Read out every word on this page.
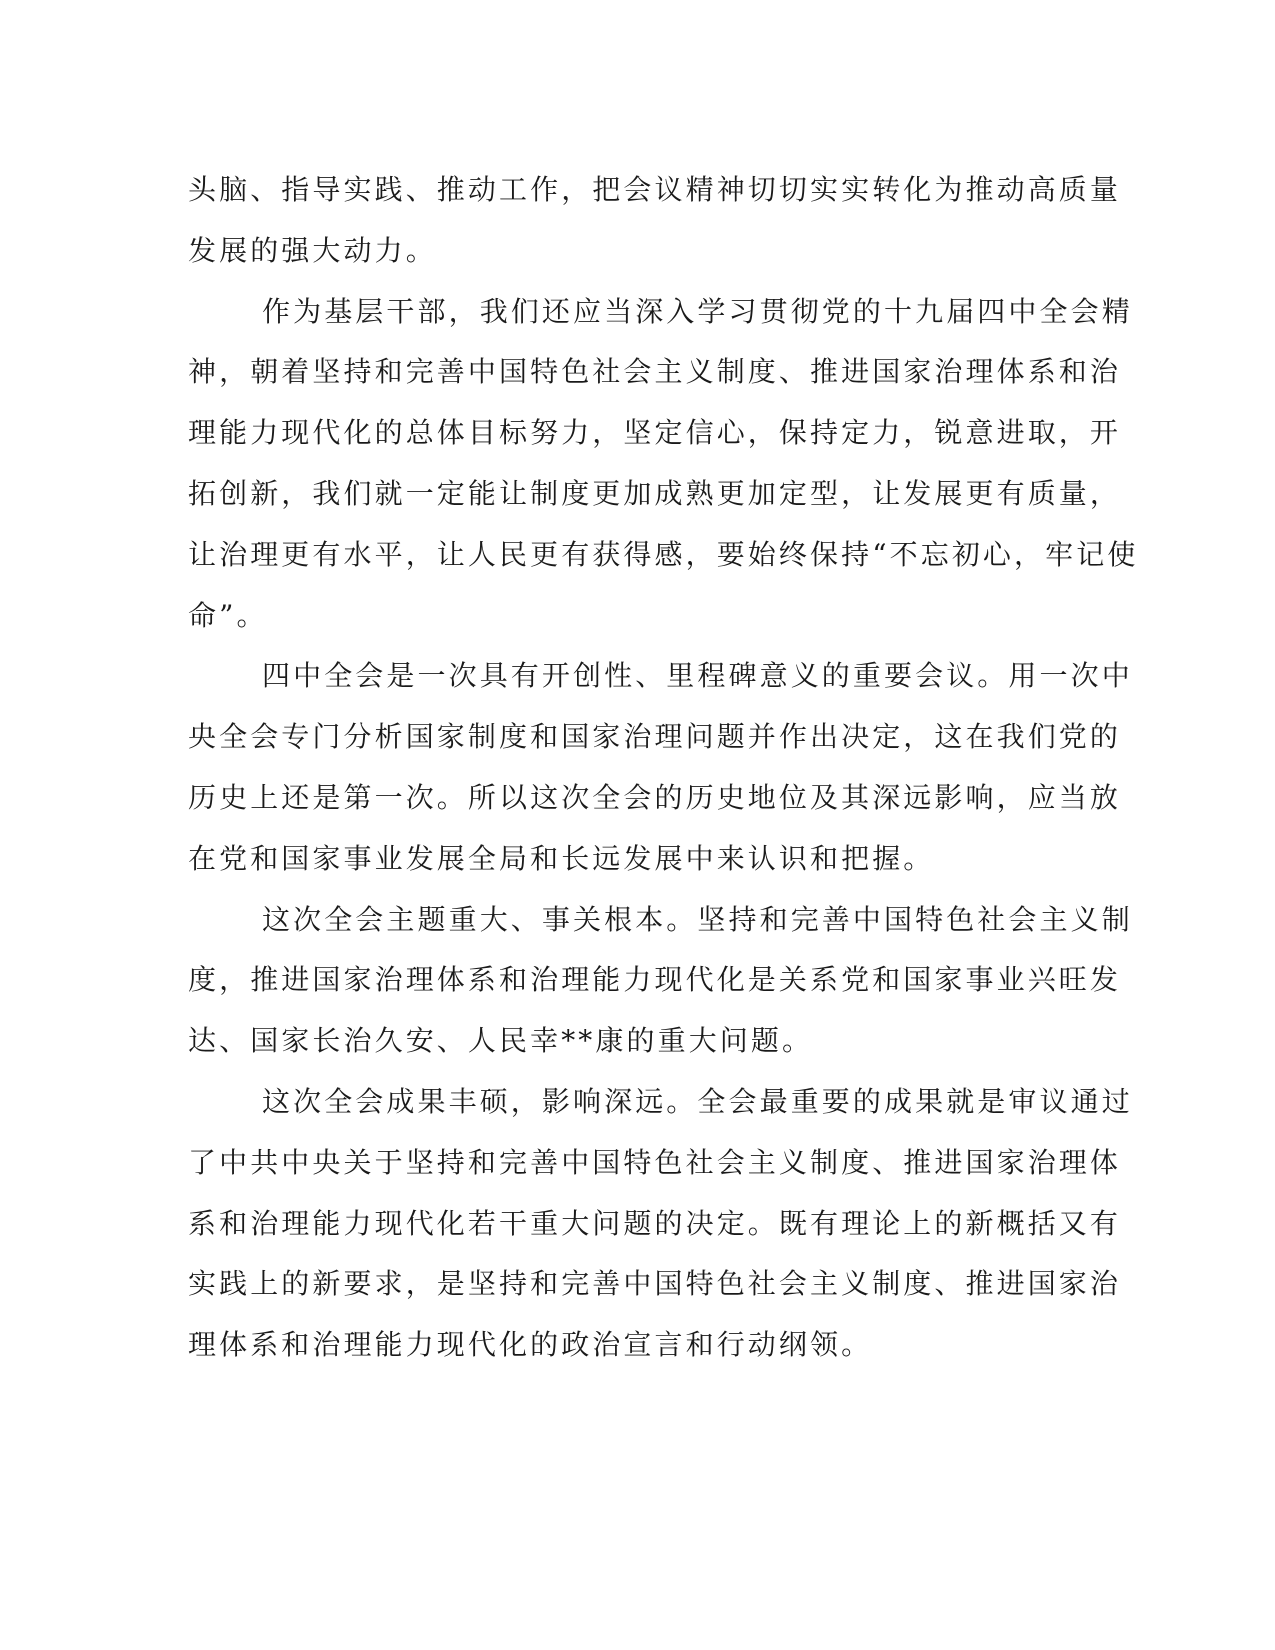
头脑、指导实践、推动工作，把会议精神切切实实转化为推动高质量
发展的强大动力。
作为基层干部，我们还应当深入学习贯彻党的十九届四中全会精
神，朝着坚持和完善中国特色社会主义制度、推进国家治理体系和治
理能力现代化的总体目标努力，坚定信心，保持定力，锐意进取，开
拓创新，我们就一定能让制度更加成熟更加定型，让发展更有质量，
让治理更有水平，让人民更有获得感，要始终保持“不忘初心，牢记使
命”。
四中全会是一次具有开创性、里程碑意义的重要会议。用一次中
央全会专门分析国家制度和国家治理问题并作出决定，这在我们党的
历史上还是第一次。所以这次全会的历史地位及其深远影响，应当放
在党和国家事业发展全局和长远发展中来认识和把握。
这次全会主题重大、事关根本。坚持和完善中国特色社会主义制
度，推进国家治理体系和治理能力现代化是关系党和国家事业兴旺发
达、国家长治久安、人民幸**康的重大问题。
这次全会成果丰硕，影响深远。全会最重要的成果就是审议通过
了中共中央关于坚持和完善中国特色社会主义制度、推进国家治理体
系和治理能力现代化若干重大问题的决定。既有理论上的新概括又有
实践上的新要求，是坚持和完善中国特色社会主义制度、推进国家治
理体系和治理能力现代化的政治宣言和行动纲领。
